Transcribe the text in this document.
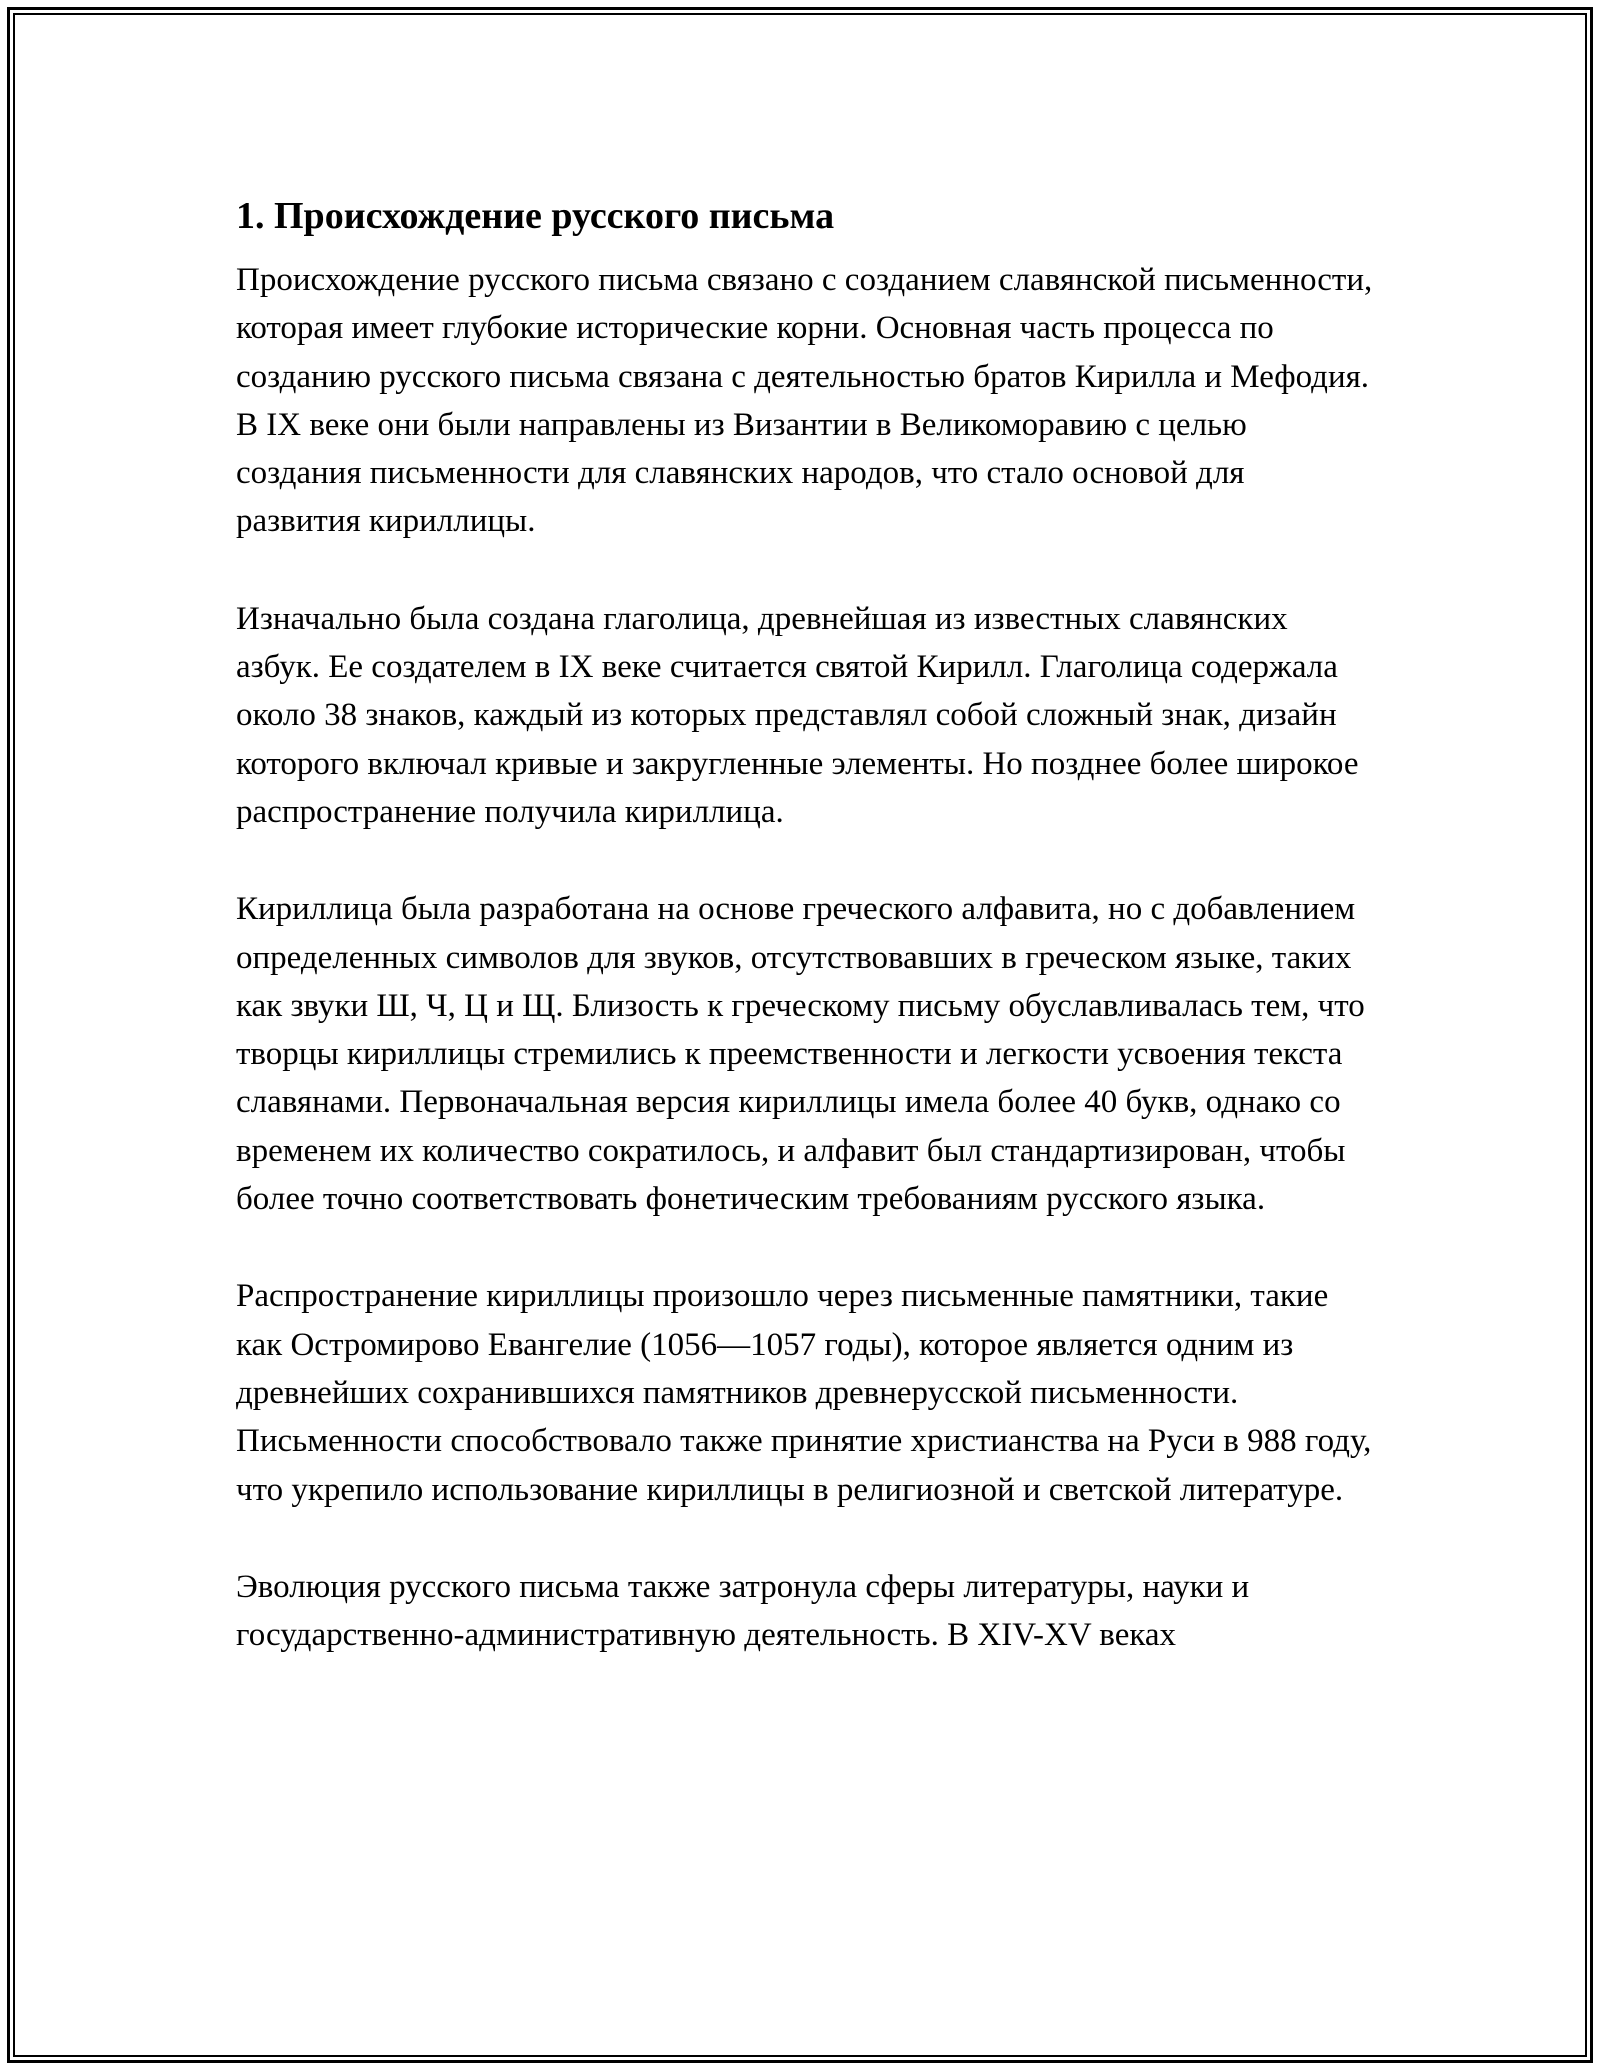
1. Происхождение русского письма

Происхождение русского письма связано с созданием славянской письменности, которая имеет глубокие исторические корни. Основная часть процесса по созданию русского письма связана с деятельностью братов Кирилла и Мефодия. В IX веке они были направлены из Византии в Великоморавию с целью создания письменности для славянских народов, что стало основой для развития кириллицы.

Изначально была создана глаголица, древнейшая из известных славянских азбук. Ее создателем в IX веке считается святой Кирилл. Глаголица содержала около 38 знаков, каждый из которых представлял собой сложный знак, дизайн которого включал кривые и закругленные элементы. Но позднее более широкое распространение получила кириллица.

Кириллица была разработана на основе греческого алфавита, но с добавлением определенных символов для звуков, отсутствовавших в греческом языке, таких как звуки Ш, Ч, Ц и Щ. Близость к греческому письму обуславливалась тем, что творцы кириллицы стремились к преемственности и легкости усвоения текста славянами. Первоначальная версия кириллицы имела более 40 букв, однако со временем их количество сократилось, и алфавит был стандартизирован, чтобы более точно соответствовать фонетическим требованиям русского языка.

Распространение кириллицы произошло через письменные памятники, такие как Остромирово Евангелие (1056—1057 годы), которое является одним из древнейших сохранившихся памятников древнерусской письменности. Письменности способствовало также принятие христианства на Руси в 988 году, что укрепило использование кириллицы в религиозной и светской литературе.

Эволюция русского письма также затронула сферы литературы, науки и государственно-административную деятельность. В XIV-XV веках
